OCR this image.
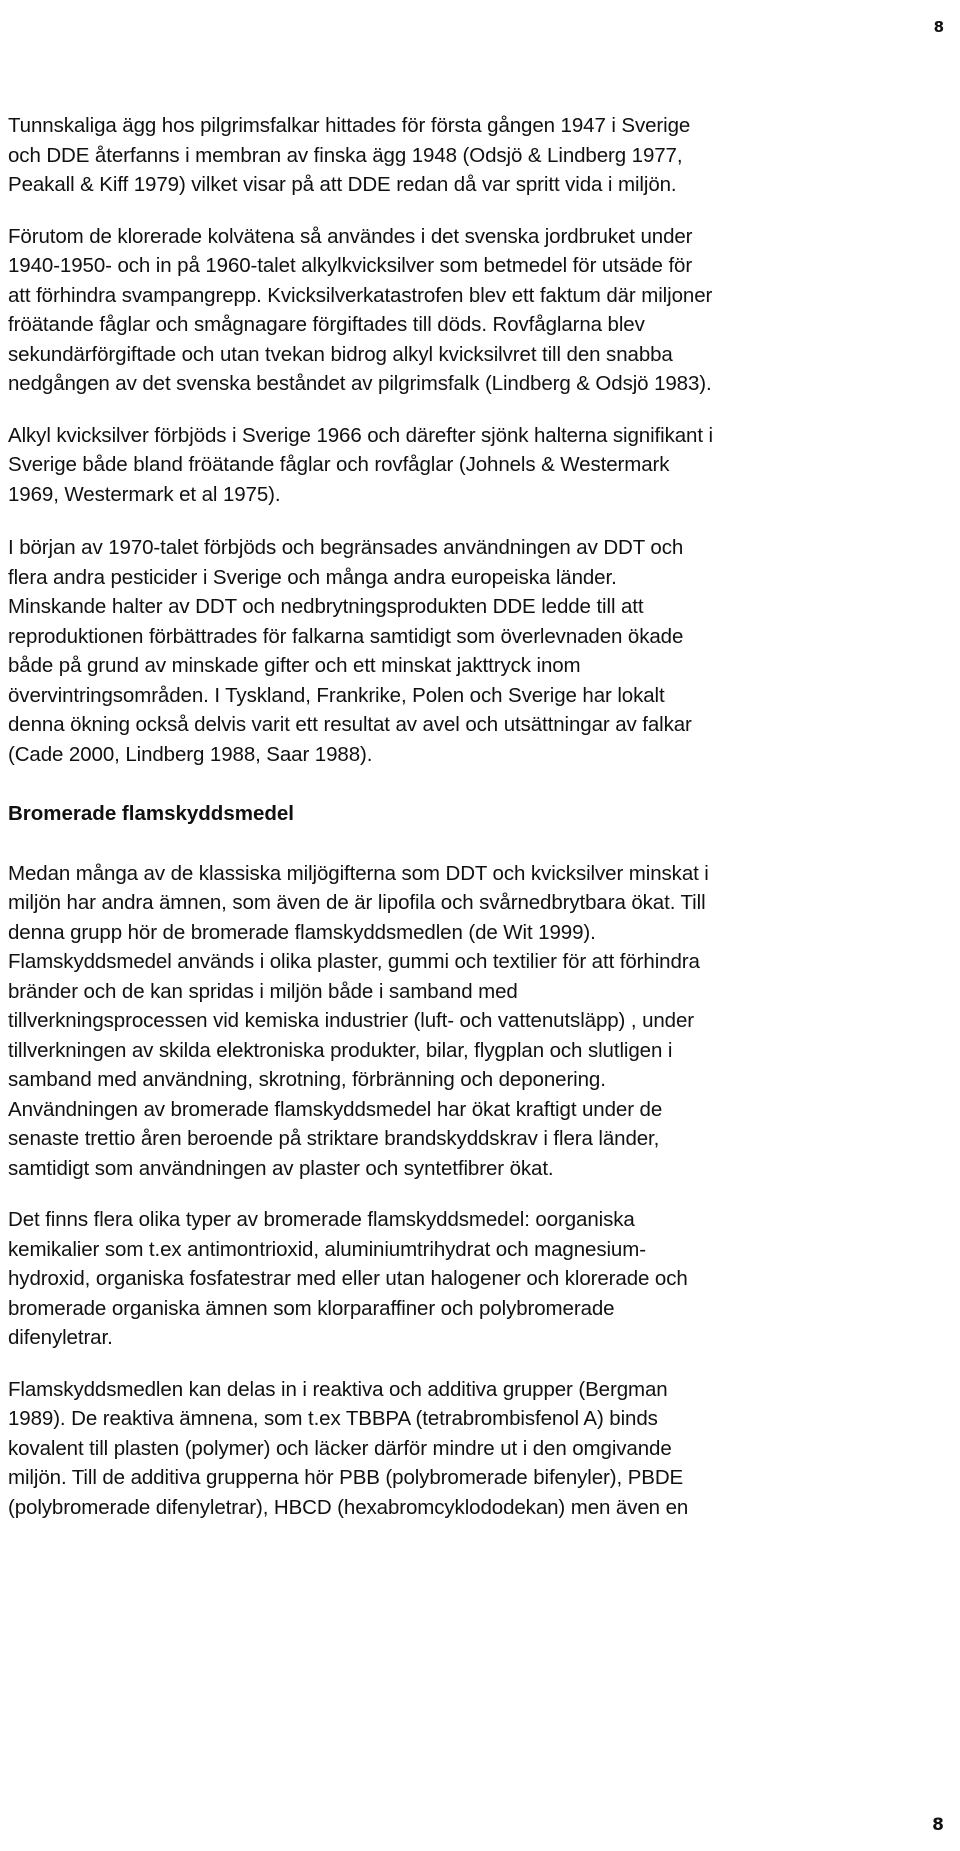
8

Tunnskaliga ägg hos pilgrimsfalkar hittades för första gången 1947 i Sverige
och DDE återfanns i membran av finska ägg 1948 (Odsjö & Lindberg 1977,
Peakall & Kiff 1979) vilket visar på att DDE redan då var spritt vida i miljön.

Förutom de klorerade kolvätena så användes i det svenska jordbruket under
1940-1950- och in på 1960-talet alkylkvicksilver som betmedel för utsäde för
att förhindra svampangrepp. Kvicksilverkatastrofen blev ett faktum där miljoner
fröätande fåglar och smågnagare förgiftades till döds. Rovfåglarna blev
sekundärförgiftade och utan tvekan bidrog alkyl kvicksilvret till den snabba
nedgången av det svenska beståndet av pilgrimsfalk (Lindberg & Odsjö 1983).

Alkyl kvicksilver förbjöds i Sverige 1966 och därefter sjönk halterna signifikant i
Sverige både bland fröätande fåglar och rovfåglar (Johnels & Westermark
1969, Westermark et al 1975).

I början av 1970-talet förbjöds och begränsades användningen av DDT och
flera andra pesticider i Sverige och många andra europeiska länder.
Minskande halter av DDT och nedbrytningsprodukten DDE ledde till att
reproduktionen förbättrades för falkarna samtidigt som överlevnaden ökade
både på grund av minskade gifter och ett minskat jakttryck inom
övervintringsområden. I Tyskland, Frankrike, Polen och Sverige har lokalt
denna ökning också delvis varit ett resultat av avel och utsättningar av falkar
(Cade 2000, Lindberg 1988, Saar 1988).

Bromerade flamskyddsmedel

Medan många av de klassiska miljögifterna som DDT och kvicksilver minskat i
miljön har andra ämnen, som även de är lipofila och svårnedbrytbara ökat. Till
denna grupp hör de bromerade flamskyddsmedlen (de Wit 1999).
Flamskyddsmedel används i olika plaster, gummi och textilier för att förhindra
bränder och de kan spridas i miljön både i samband med
tillverkningsprocessen vid kemiska industrier (luft- och vattenutsläpp) , under
tillverkningen av skilda elektroniska produkter, bilar, flygplan och slutligen i
samband med användning, skrotning, förbränning och deponering.
Användningen av bromerade flamskyddsmedel har ökat kraftigt under de
senaste trettio åren beroende på striktare brandskyddskrav i flera länder,
samtidigt som användningen av plaster och syntetfibrer ökat.

Det finns flera olika typer av bromerade flamskyddsmedel: oorganiska
kemikalier som t.ex antimontrioxid, aluminiumtrihydrat och magnesium-
hydroxid, organiska fosfatestrar med eller utan halogener och klorerade och
bromerade organiska ämnen som klorparaffiner och polybromerade
difenyletrar.

Flamskyddsmedlen kan delas in i reaktiva och additiva grupper (Bergman
1989). De reaktiva ämnena, som t.ex TBBPA (tetrabrombisfenol A) binds
kovalent till plasten (polymer) och läcker därför mindre ut i den omgivande
miljön. Till de additiva grupperna hör PBB (polybromerade bifenyler), PBDE
(polybromerade difenyletrar), HBCD (hexabromcyklododekan) men även en

8
